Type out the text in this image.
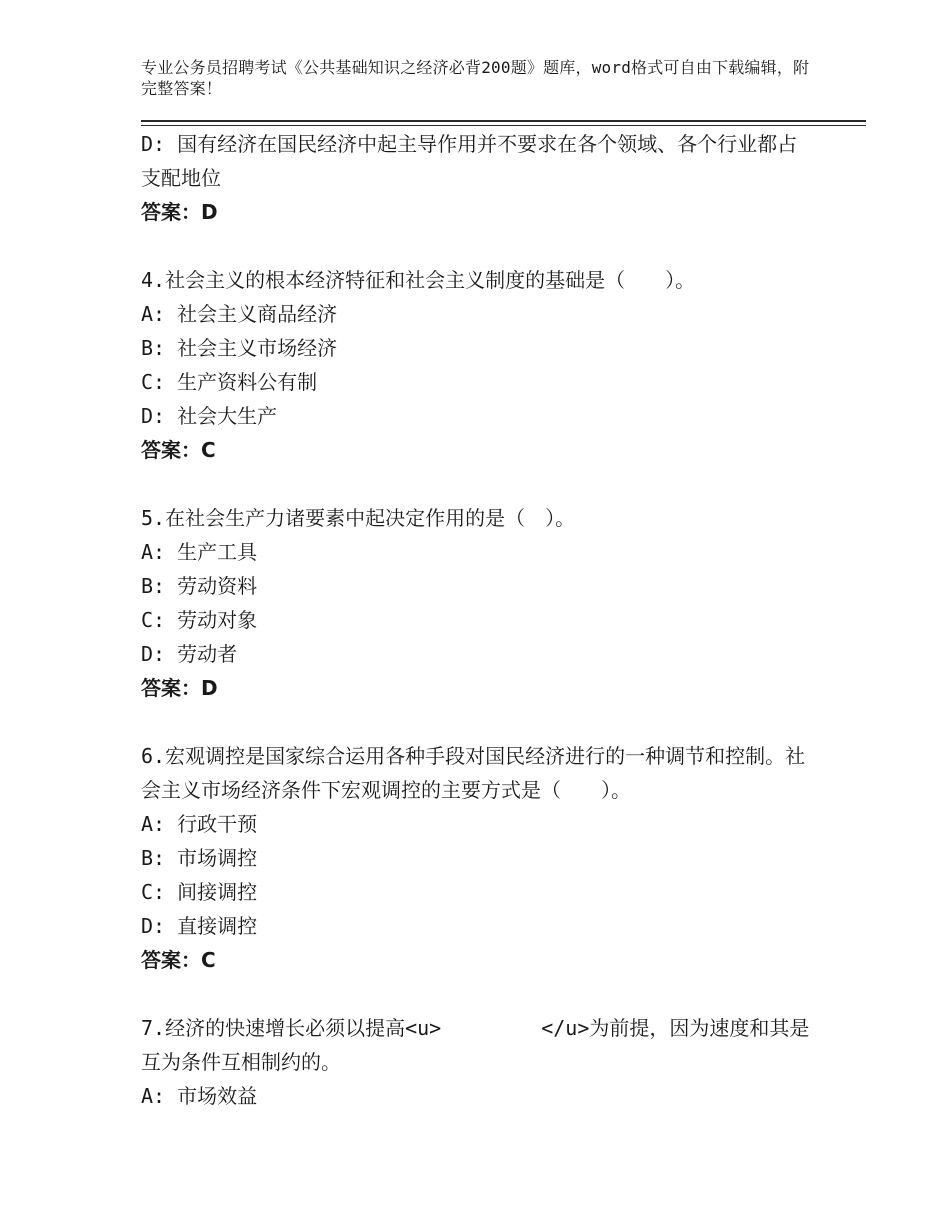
专业公务员招聘考试《公共基础知识之经济必背200题》题库，word格式可自由下载编辑，附完整答案！
D: 国有经济在国民经济中起主导作用并不要求在各个领域、各个行业都占支配地位
答案：D
4.社会主义的根本经济特征和社会主义制度的基础是（　　）。
A: 社会主义商品经济
B: 社会主义市场经济
C: 生产资料公有制
D: 社会大生产
答案：C
5.在社会生产力诸要素中起决定作用的是（　）。
A: 生产工具
B: 劳动资料
C: 劳动对象
D: 劳动者
答案：D
6.宏观调控是国家综合运用各种手段对国民经济进行的一种调节和控制。社会主义市场经济条件下宏观调控的主要方式是（　　）。
A: 行政干预
B: 市场调控
C: 间接调控
D: 直接调控
答案：C
7.经济的快速增长必须以提高<u>　　　　　</u>为前提，因为速度和其是互为条件互相制约的。
A: 市场效益
